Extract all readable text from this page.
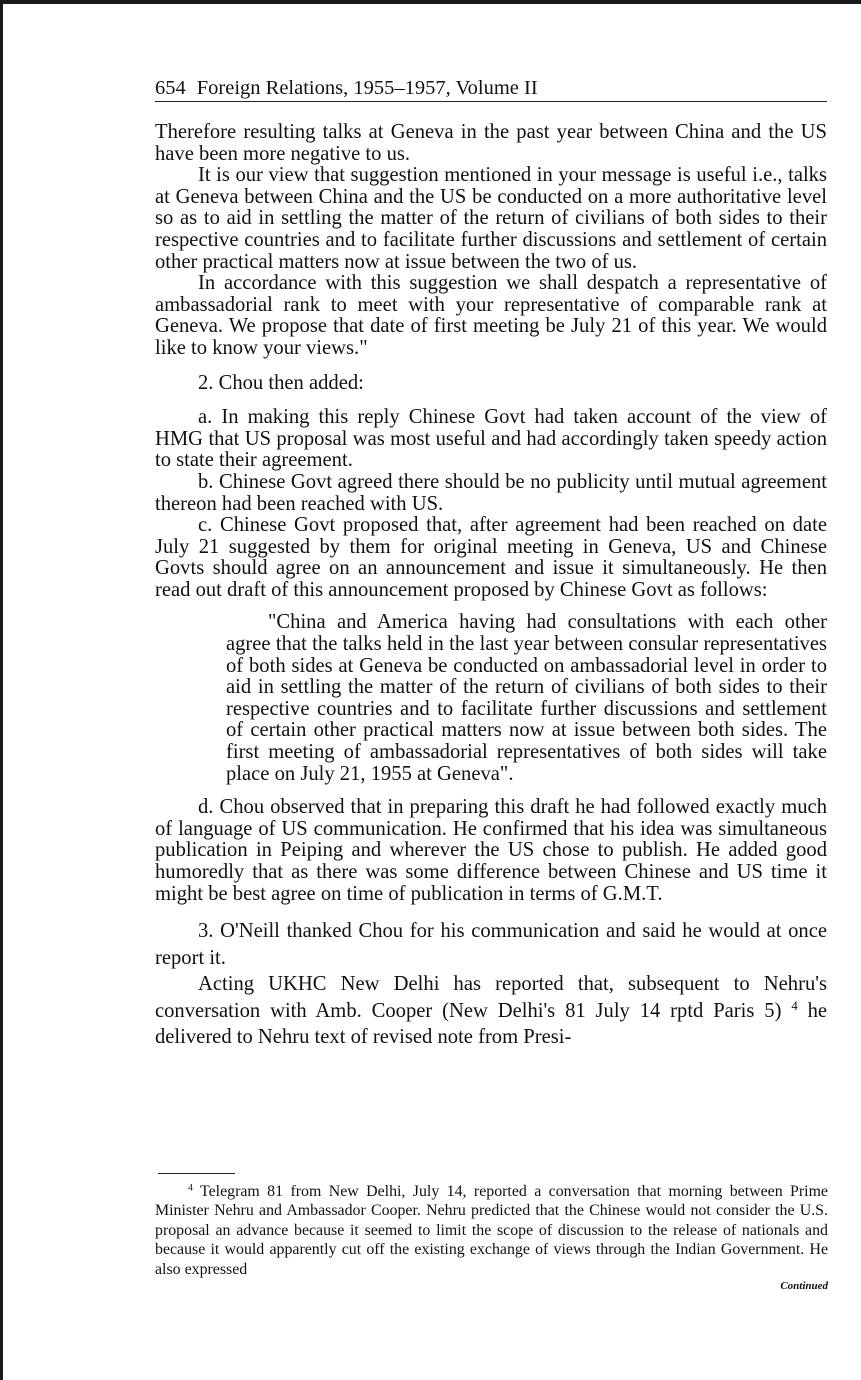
654 Foreign Relations, 1955–1957, Volume II

Therefore resulting talks at Geneva in the past year between China and the US have been more negative to us.

It is our view that suggestion mentioned in your message is useful i.e., talks at Geneva between China and the US be conducted on a more authoritative level so as to aid in settling the matter of the return of civilians of both sides to their respective countries and to facilitate further discussions and settlement of certain other practical matters now at issue between the two of us.

In accordance with this suggestion we shall despatch a representative of ambassadorial rank to meet with your representative of comparable rank at Geneva. We propose that date of first meeting be July 21 of this year. We would like to know your views."

2. Chou then added:

a. In making this reply Chinese Govt had taken account of the view of HMG that US proposal was most useful and had accordingly taken speedy action to state their agreement.

b. Chinese Govt agreed there should be no publicity until mutual agreement thereon had been reached with US.

c. Chinese Govt proposed that, after agreement had been reached on date July 21 suggested by them for original meeting in Geneva, US and Chinese Govts should agree on an announcement and issue it simultaneously. He then read out draft of this announcement proposed by Chinese Govt as follows:

"China and America having had consultations with each other agree that the talks held in the last year between consular representatives of both sides at Geneva be conducted on ambassadorial level in order to aid in settling the matter of the return of civilians of both sides to their respective countries and to facilitate further discussions and settlement of certain other practical matters now at issue between both sides. The first meeting of ambassadorial representatives of both sides will take place on July 21, 1955 at Geneva".

d. Chou observed that in preparing this draft he had followed exactly much of language of US communication. He confirmed that his idea was simultaneous publication in Peiping and wherever the US chose to publish. He added good humoredly that as there was some difference between Chinese and US time it might be best agree on time of publication in terms of G.M.T.

3. O'Neill thanked Chou for his communication and said he would at once report it.

Acting UKHC New Delhi has reported that, subsequent to Nehru's conversation with Amb. Cooper (New Delhi's 81 July 14 rptd Paris 5) $^4$ he delivered to Nehru text of revised note from Presi-

$^4$ Telegram 81 from New Delhi, July 14, reported a conversation that morning between Prime Minister Nehru and Ambassador Cooper. Nehru predicted that the Chinese would not consider the U.S. proposal an advance because it seemed to limit the scope of discussion to the release of nationals and because it would apparently cut off the existing exchange of views through the Indian Government. He also expressed

Continued
